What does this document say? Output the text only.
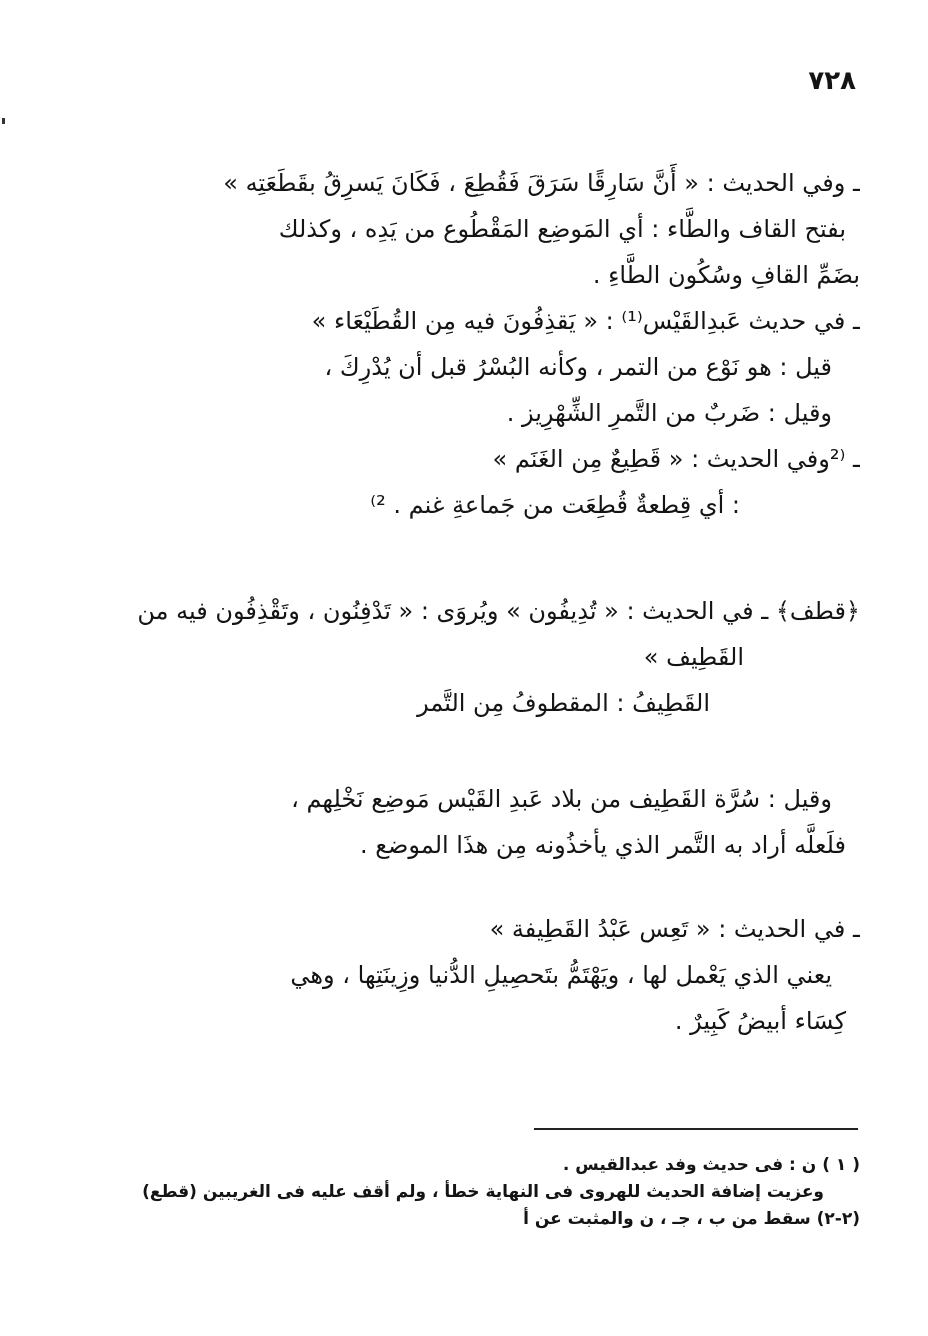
٧٢٨
ـ وفي الحديث : « أَنَّ سَارِقًا سَرَقَ فَقُطِعَ ، فَكَانَ يَسرِقُ بقَطَعَتِه »
بفتح القاف والطَّاء : أي المَوضِع المَقْطُوع من يَدِه ، وكذلك
بضَمِّ القافِ وسُكُون الطَّاءِ .
ـ في حديث عَبدِالقَيْس⁽¹⁾ : « يَقذِفُونَ فيه مِن القُطَيْعَاء »
قيل : هو نَوْع من التمر ، وكأنه البُسْرُ قبل أن يُدْرِكَ ،
وقيل : ضَربٌ من التَّمرِ الشِّهْرِيز .
ـ ⁽²وفي الحديث : « قَطِيعٌ مِن الغَنَم »
: أي قِطعةٌ قُطِعَت من جَماعةِ غنم . ²⁾
﴿قطف﴾ ـ في الحديث : « تُدِيفُون » ويُروَى : « تَدْفِنُون ، وتَقْذِفُون فيه من
القَطِيف »
القَطِيفُ : المقطوفُ مِن التَّمر
وقيل : سُرَّة القَطِيف من بلاد عَبدِ القَيْس مَوضِع نَخْلِهم ،
فلَعلَّه أراد به التَّمر الذي يأخذُونه مِن هذَا الموضع .
ـ في الحديث : « تَعِس عَبْدُ القَطِيفة »
يعني الذي يَعْمل لها ، ويَهْتَمُّ بتَحصِيلِ الدُّنيا وزِينَتِها ، وهي
كِسَاء أبيضُ كَبِيرٌ .
( ١ ) ن : فى حديث وفد عبدالقيس .
وعزيت إضافة الحديث للهروى فى النهاية خطأ ، ولم أقف عليه فى الغريبين (قطع)
(٢-٢) سقط من ب ، جـ ، ن والمثبت عن أ
